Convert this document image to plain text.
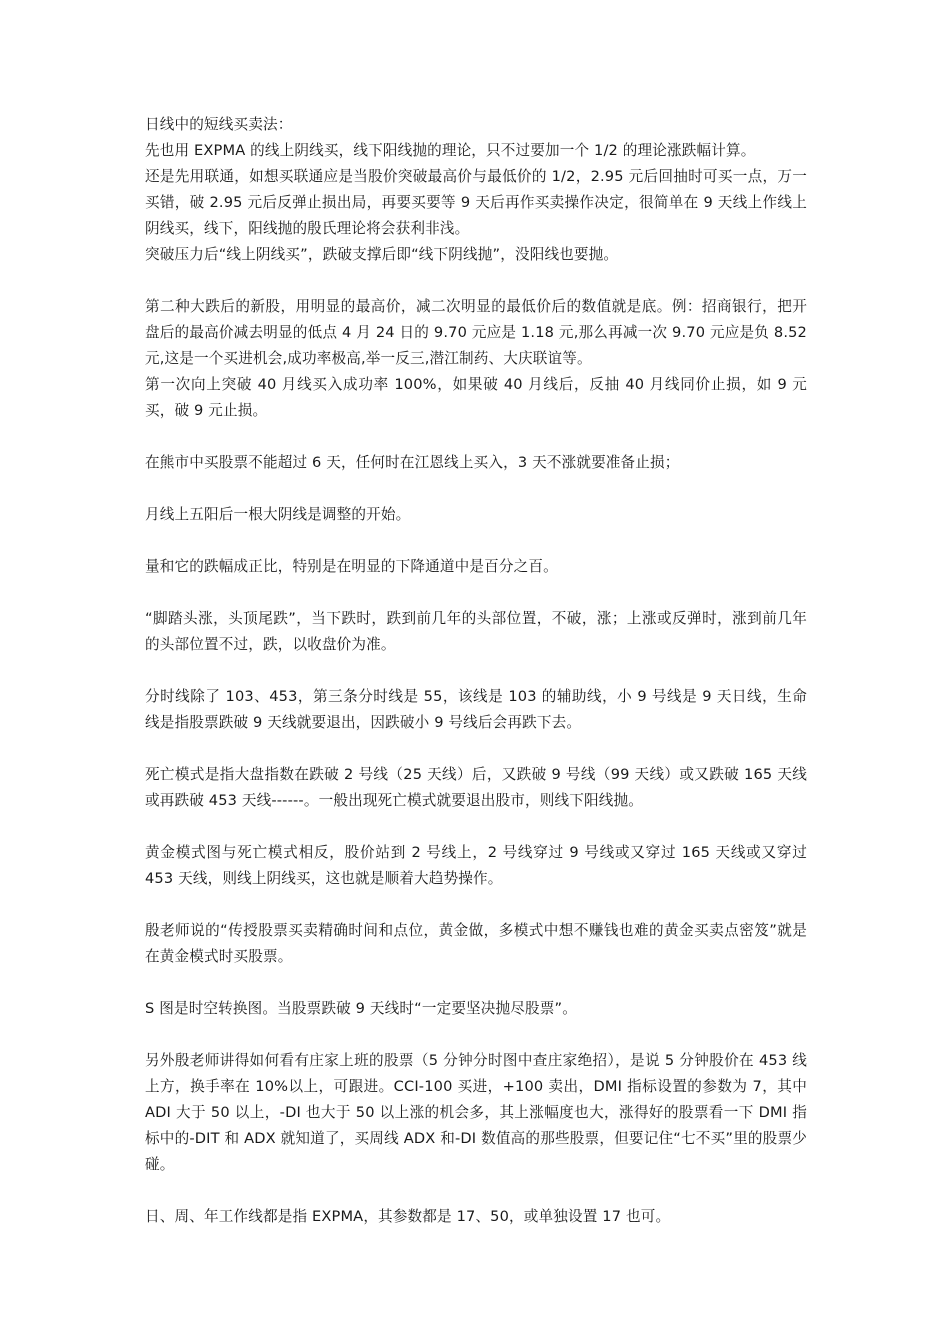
日线中的短线买卖法：

先也用 EXPMA 的线上阴线买，线下阳线抛的理论，只不过要加一个 1/2 的理论涨跌幅计算。

还是先用联通，如想买联通应是当股价突破最高价与最低价的 1/2，2.95 元后回抽时可买一点，万一买错，破 2.95 元后反弹止损出局，再要买要等 9 天后再作买卖操作决定，很简单在 9 天线上作线上阴线买，线下，阳线抛的殷氏理论将会获利非浅。

突破压力后“线上阴线买”，跌破支撑后即“线下阴线抛”，没阳线也要抛。

第二种大跌后的新股，用明显的最高价，减二次明显的最低价后的数值就是底。例：招商银行，把开盘后的最高价减去明显的低点 4 月 24 日的 9.70 元应是 1.18 元,那么再减一次 9.70 元应是负 8.52 元,这是一个买进机会,成功率极高,举一反三,潜江制药、大庆联谊等。

第一次向上突破 40 月线买入成功率 100%，如果破 40 月线后，反抽 40 月线同价止损，如 9 元买，破 9 元止损。

在熊市中买股票不能超过 6 天，任何时在江恩线上买入，3 天不涨就要准备止损；

月线上五阳后一根大阴线是调整的开始。

量和它的跌幅成正比，特别是在明显的下降通道中是百分之百。

“脚踏头涨，头顶尾跌”，当下跌时，跌到前几年的头部位置，不破，涨；上涨或反弹时，涨到前几年的头部位置不过，跌，以收盘价为准。

分时线除了 103、453，第三条分时线是 55，该线是 103 的辅助线，小 9 号线是 9 天日线，生命线是指股票跌破 9 天线就要退出，因跌破小 9 号线后会再跌下去。

死亡模式是指大盘指数在跌破 2 号线（25 天线）后，又跌破 9 号线（99 天线）或又跌破 165 天线或再跌破 453 天线------。一般出现死亡模式就要退出股市，则线下阳线抛。

黄金模式图与死亡模式相反，股价站到 2 号线上，2 号线穿过 9 号线或又穿过 165 天线或又穿过 453 天线，则线上阴线买，这也就是顺着大趋势操作。

殷老师说的“传授股票买卖精确时间和点位，黄金做，多模式中想不赚钱也难的黄金买卖点密笈”就是在黄金模式时买股票。

S 图是时空转换图。当股票跌破 9 天线时“一定要坚决抛尽股票”。

另外殷老师讲得如何看有庄家上班的股票（5 分钟分时图中查庄家绝招），是说 5 分钟股价在 453 线上方，换手率在 10%以上，可跟进。CCI-100 买进，+100 卖出，DMI 指标设置的参数为 7，其中 ADI 大于 50 以上，-DI 也大于 50 以上涨的机会多，其上涨幅度也大，涨得好的股票看一下 DMI 指标中的-DIT 和 ADX 就知道了，买周线 ADX 和-DI 数值高的那些股票，但要记住“七不买”里的股票少碰。

日、周、年工作线都是指 EXPMA，其参数都是 17、50，或单独设置 17 也可。
